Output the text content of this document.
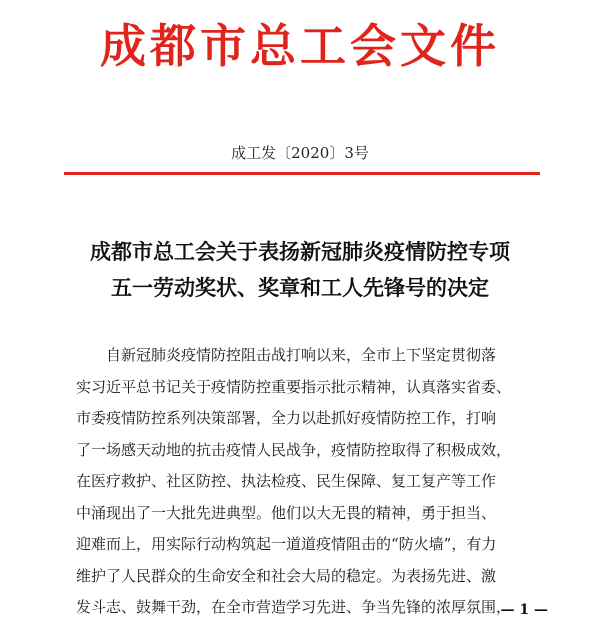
成都市总工会文件
成工发〔2020〕3号
成都市总工会关于表扬新冠肺炎疫情防控专项
五一劳动奖状、奖章和工人先锋号的决定
自新冠肺炎疫情防控阻击战打响以来，全市上下坚定贯彻落
实习近平总书记关于疫情防控重要指示批示精神，认真落实省委、
市委疫情防控系列决策部署，全力以赴抓好疫情防控工作，打响
了一场感天动地的抗击疫情人民战争，疫情防控取得了积极成效，
在医疗救护、社区防控、执法检疫、民生保障、复工复产等工作
中涌现出了一大批先进典型。他们以大无畏的精神，勇于担当、
迎难而上，用实际行动构筑起一道道疫情阻击的“防火墙”，有力
维护了人民群众的生命安全和社会大局的稳定。为表扬先进、激
发斗志、鼓舞干劲，在全市营造学习先进、争当先锋的浓厚氛围，
— 1 —
